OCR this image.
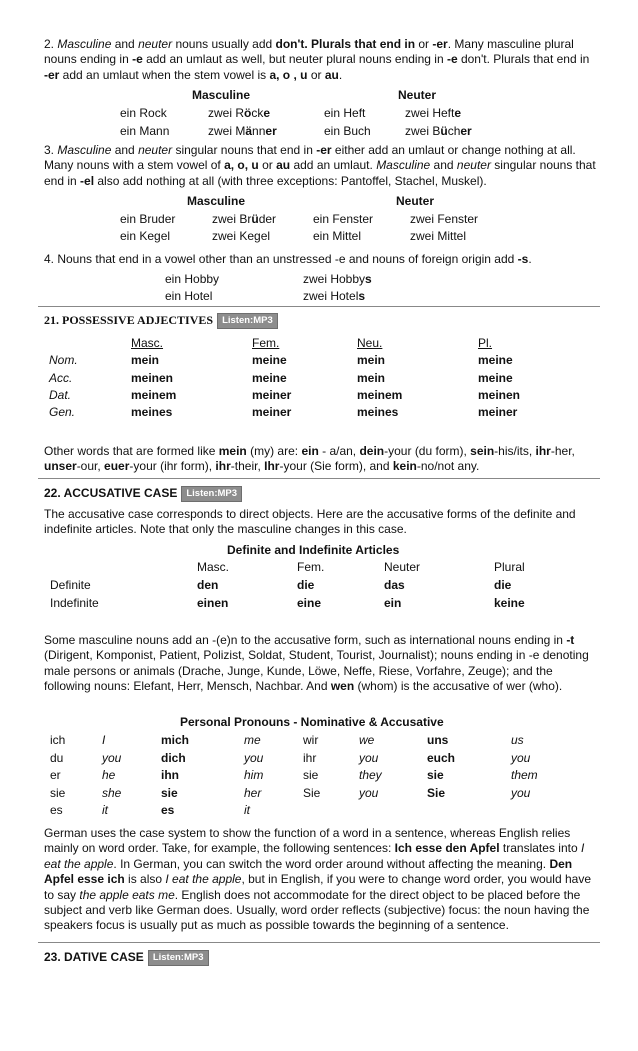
2. Masculine and neuter nouns usually add don't. Plurals that end in or -er. Many masculine plural nouns ending in -e add an umlaut as well, but neuter plural nouns ending in -e don't. Plurals that end in -er add an umlaut when the stem vowel is a, o , u or au.
Masculine	Neuter
ein Rock	zwei Röcke	ein Heft	zwei Hefte
ein Mann	zwei Männer	ein Buch	zwei Bücher
3. Masculine and neuter singular nouns that end in -er either add an umlaut or change nothing at all. Many nouns with a stem vowel of a, o, u or au add an umlaut. Masculine and neuter singular nouns that end in -el also add nothing at all (with three exceptions: Pantoffel, Stachel, Muskel).
Masculine	Neuter
ein Bruder	zwei Brüder	ein Fenster	zwei Fenster
ein Kegel	zwei Kegel	ein Mittel	zwei Mittel
4. Nouns that end in a vowel other than an unstressed -e and nouns of foreign origin add -s.
ein Hobby	zwei Hobbys
ein Hotel	zwei Hotels
21. POSSESSIVE ADJECTIVES Listen:MP3
Masc.	Fem.	Neu.	Pl.
Nom.	mein	meine	mein	meine
Acc.	meinen	meine	mein	meine
Dat.	meinem	meiner	meinem	meinen
Gen.	meines	meiner	meines	meiner
Other words that are formed like mein (my) are: ein - a/an, dein-your (du form), sein-his/its, ihr-her, unser-our, euer-your (ihr form), ihr-their, Ihr-your (Sie form), and kein-no/not any.
22. ACCUSATIVE CASE Listen:MP3
The accusative case corresponds to direct objects. Here are the accusative forms of the definite and indefinite articles. Note that only the masculine changes in this case.
Definite and Indefinite Articles
Masc.	Fem.	Neuter	Plural
Definite	den	die	das	die
Indefinite	einen	eine	ein	keine
Some masculine nouns add an -(e)n to the accusative form, such as international nouns ending in -t (Dirigent, Komponist, Patient, Polizist, Soldat, Student, Tourist, Journalist); nouns ending in -e denoting male persons or animals (Drache, Junge, Kunde, Löwe, Neffe, Riese, Vorfahre, Zeuge); and the following nouns: Elefant, Herr, Mensch, Nachbar. And wen (whom) is the accusative of wer (who).
Personal Pronouns - Nominative & Accusative
ich	I	mich	me	wir	we	uns	us
du	you	dich	you	ihr	you	euch	you
er	he	ihn	him	sie	they	sie	them
sie	she	sie	her	Sie	you	Sie	you
es	it	es	it
German uses the case system to show the function of a word in a sentence, whereas English relies mainly on word order. Take, for example, the following sentences: Ich esse den Apfel translates into I eat the apple. In German, you can switch the word order around without affecting the meaning. Den Apfel esse ich is also I eat the apple, but in English, if you were to change word order, you would have to say the apple eats me. English does not accommodate for the direct object to be placed before the subject and verb like German does. Usually, word order reflects (subjective) focus: the noun having the speakers focus is usually put as much as possible towards the beginning of a sentence.
23. DATIVE CASE Listen:MP3
